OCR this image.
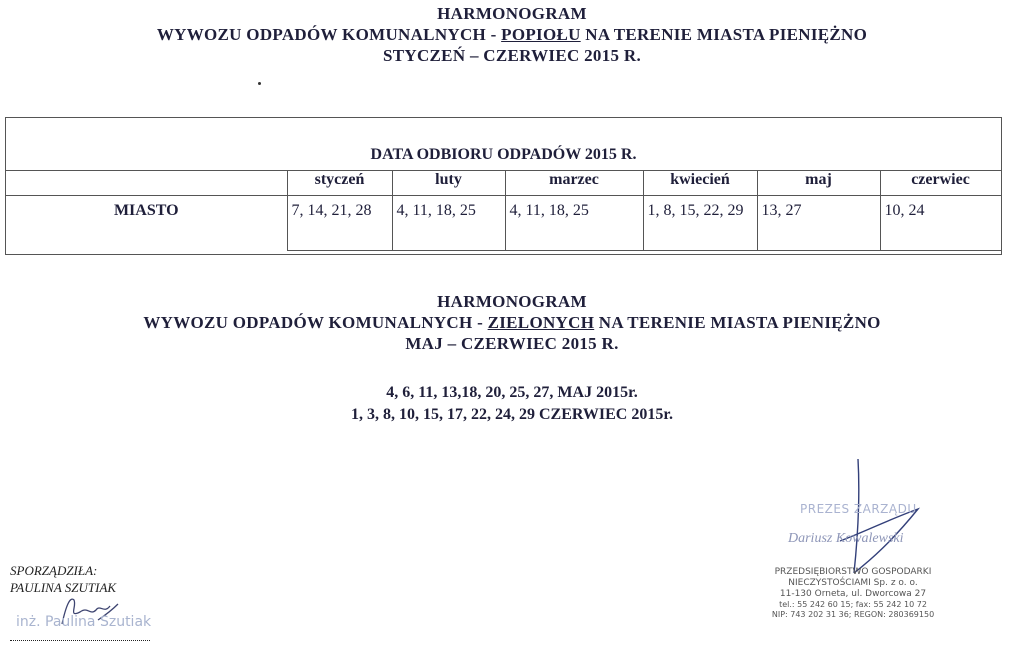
HARMONOGRAM
WYWOZU ODPADÓW KOMUNALNYCH - POPIOŁU NA TERENIE MIASTA PIENIĘŻNO
STYCZEŃ – CZERWIEC 2015 R.
DATA ODBIORU ODPADÓW 2015 R.
	styczeń	luty	marzec	kwiecień	maj	czerwiec
MIASTO	7, 14, 21, 28	4, 11, 18, 25	4, 11, 18, 25	1, 8, 15, 22, 29	13, 27	10, 24
HARMONOGRAM
WYWOZU ODPADÓW KOMUNALNYCH - ZIELONYCH NA TERENIE MIASTA PIENIĘŻNO
MAJ – CZERWIEC 2015 R.
4, 6, 11, 13,18, 20, 25, 27, MAJ 2015r.
1, 3, 8, 10, 15, 17, 22, 24, 29 CZERWIEC 2015r.
SPORZĄDZIŁA:
PAULINA SZUTIAK
inż. Paulina Szutiak
PREZES ZARZĄDU
Dariusz Kowalewski
PRZEDSIĘBIORSTWO GOSPODARKI
NIECZYSTOŚCIAMI Sp. z o. o.
11-130 Orneta, ul. Dworcowa 27
tel.: 55 242 60 15; fax: 55 242 10 72
NIP: 743 202 31 36; REGON: 280369150
